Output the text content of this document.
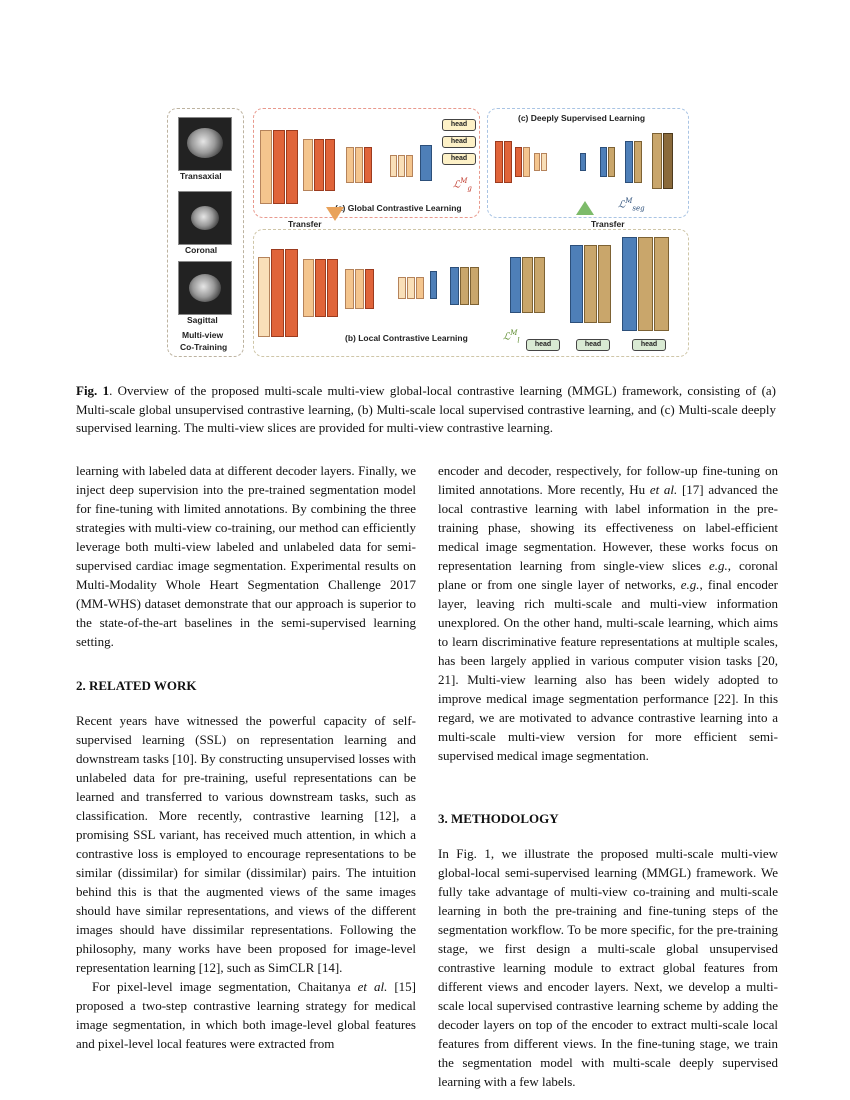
Transaxial
Coronal
Sagittal
Multi-view
Co-Training
head
head
head
ℒ$^M_g$
(a) Global Contrastive Learning
(c) Deeply Supervised Learning
ℒ$^M_{seg}$
Transfer	Transfer
head	head	head
ℒ$^M_l$
(b) Local Contrastive Learning
Fig. 1. Overview of the proposed multi-scale multi-view global-local contrastive learning (MMGL) framework, consisting of (a) Multi-scale global unsupervised contrastive learning, (b) Multi-scale local supervised contrastive learning, and (c) Multi-scale deeply supervised learning. The multi-view slices are provided for multi-view contrastive learning.

learning with labeled data at different decoder layers. Finally, we inject deep supervision into the pre-trained segmentation model for fine-tuning with limited annotations. By combining the three strategies with multi-view co-training, our method can efficiently leverage both multi-view labeled and unlabeled data for semi-supervised cardiac image segmentation. Experimental results on Multi-Modality Whole Heart Segmentation Challenge 2017 (MM-WHS) dataset demonstrate that our approach is superior to the state-of-the-art baselines in the semi-supervised learning setting.

2. RELATED WORK

Recent years have witnessed the powerful capacity of self-supervised learning (SSL) on representation learning and downstream tasks [10]. By constructing unsupervised losses with unlabeled data for pre-training, useful representations can be learned and transferred to various downstream tasks, such as classification. More recently, contrastive learning [12], a promising SSL variant, has received much attention, in which a contrastive loss is employed to encourage representations to be similar (dissimilar) for similar (dissimilar) pairs. The intuition behind this is that the augmented views of the same images should have similar representations, and views of the different images should have dissimilar representations. Following the philosophy, many works have been proposed for image-level representation learning [12], such as SimCLR [14].

For pixel-level image segmentation, Chaitanya et al. [15] proposed a two-step contrastive learning strategy for medical image segmentation, in which both image-level global features and pixel-level local features were extracted from

encoder and decoder, respectively, for follow-up fine-tuning on limited annotations. More recently, Hu et al. [17] advanced the local contrastive learning with label information in the pre-training phase, showing its effectiveness on label-efficient medical image segmentation. However, these works focus on representation learning from single-view slices e.g., coronal plane or from one single layer of networks, e.g., final encoder layer, leaving rich multi-scale and multi-view information unexplored. On the other hand, multi-scale learning, which aims to learn discriminative feature representations at multiple scales, has been largely applied in various computer vision tasks [20, 21]. Multi-view learning also has been widely adopted to improve medical image segmentation performance [22]. In this regard, we are motivated to advance contrastive learning into a multi-scale multi-view version for more efficient semi-supervised medical image segmentation.

3. METHODOLOGY

In Fig. 1, we illustrate the proposed multi-scale multi-view global-local semi-supervised learning (MMGL) framework. We fully take advantage of multi-view co-training and multi-scale learning in both the pre-training and fine-tuning steps of the segmentation workflow. To be more specific, for the pre-training stage, we first design a multi-scale global unsupervised contrastive learning module to extract global features from different views and encoder layers. Next, we develop a multi-scale local supervised contrastive learning scheme by adding the decoder layers on top of the encoder to extract multi-scale local features from different views. In the fine-tuning stage, we train the segmentation model with multi-scale deeply supervised learning with a few labels.
